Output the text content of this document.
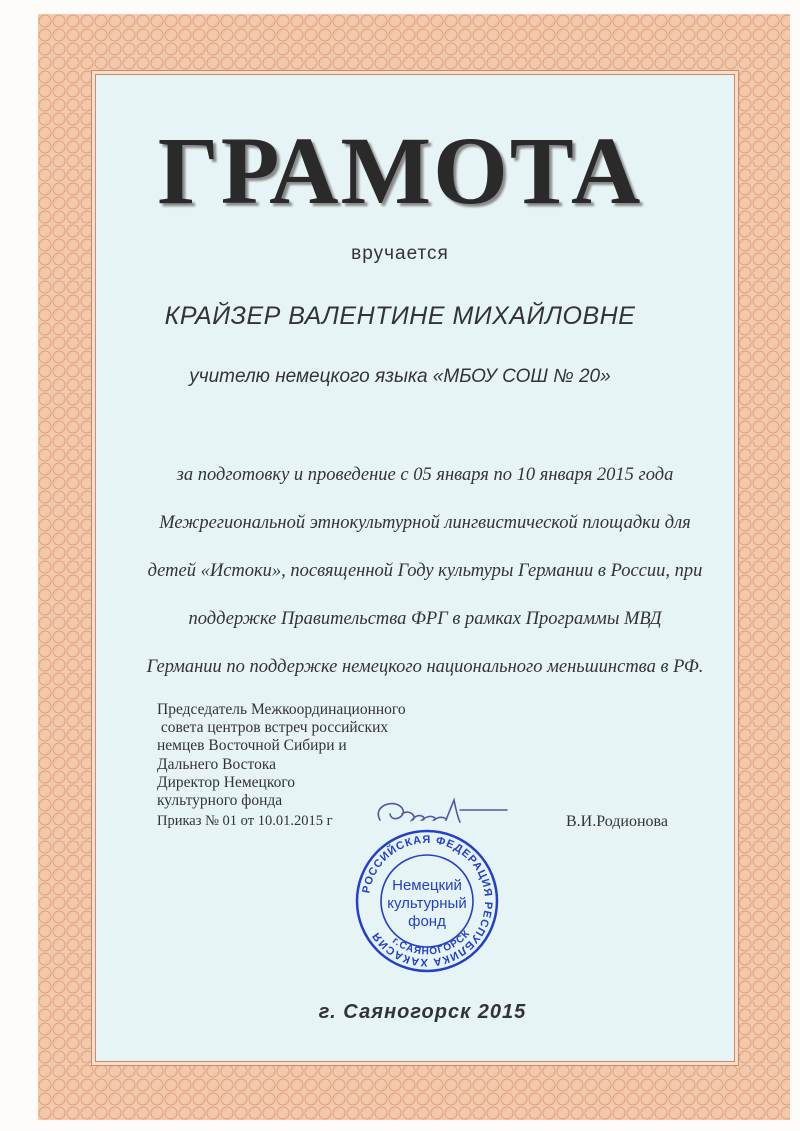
ГРАМОТА
вручается
КРАЙЗЕР ВАЛЕНТИНЕ МИХАЙЛОВНЕ
учителю немецкого языка «МБОУ СОШ № 20»
за подготовку и проведение с 05 января по 10 января 2015 года
Межрегиональной этнокультурной лингвистической площадки для
детей «Истоки», посвященной Году культуры Германии в России, при
поддержке Правительства ФРГ в рамках Программы МВД
Германии по поддержке немецкого национального меньшинства в РФ.
Председатель Межкоординационного
совета центров встреч российских
немцев Восточной Сибири и
Дальнего Востока
Директор Немецкого
культурного фонда
Приказ № 01 от 10.01.2015 г	В.И.Родионова
РОССИЙСКАЯ ФЕДЕРАЦИЯ РЕСПУБЛИКА ХАКАСИЯ г.САЯНОГОРСК
Немецкий
культурный
фонд
г. Саяногорск 2015
